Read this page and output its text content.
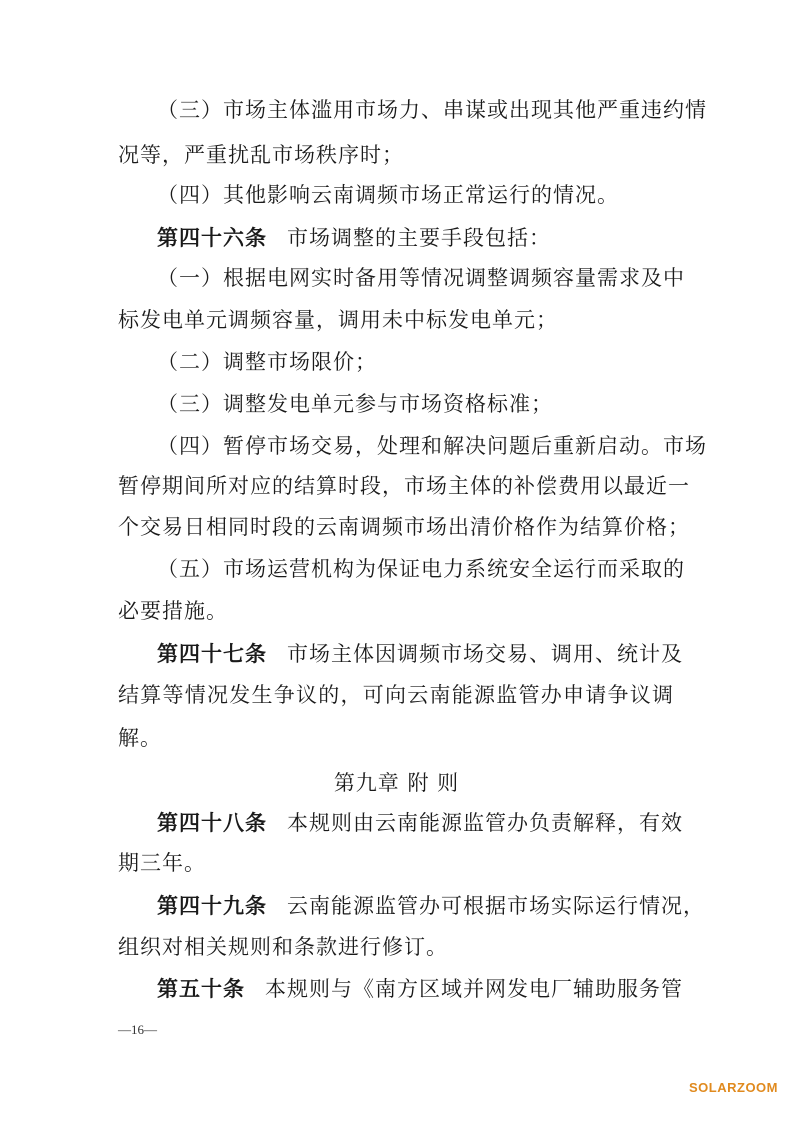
（三）市场主体滥用市场力、串谋或出现其他严重违约情
况等，严重扰乱市场秩序时；
（四）其他影响云南调频市场正常运行的情况。
第四十六条 市场调整的主要手段包括：
（一）根据电网实时备用等情况调整调频容量需求及中
标发电单元调频容量，调用未中标发电单元；
（二）调整市场限价；
（三）调整发电单元参与市场资格标准；
（四）暂停市场交易，处理和解决问题后重新启动。市场
暂停期间所对应的结算时段，市场主体的补偿费用以最近一
个交易日相同时段的云南调频市场出清价格作为结算价格；
（五）市场运营机构为保证电力系统安全运行而采取的
必要措施。
第四十七条 市场主体因调频市场交易、调用、统计及
结算等情况发生争议的，可向云南能源监管办申请争议调
解。
第九章 附 则
第四十八条 本规则由云南能源监管办负责解释，有效
期三年。
第四十九条 云南能源监管办可根据市场实际运行情况，
组织对相关规则和条款进行修订。
第五十条 本规则与《南方区域并网发电厂辅助服务管
—16—
SOLARZOOM
